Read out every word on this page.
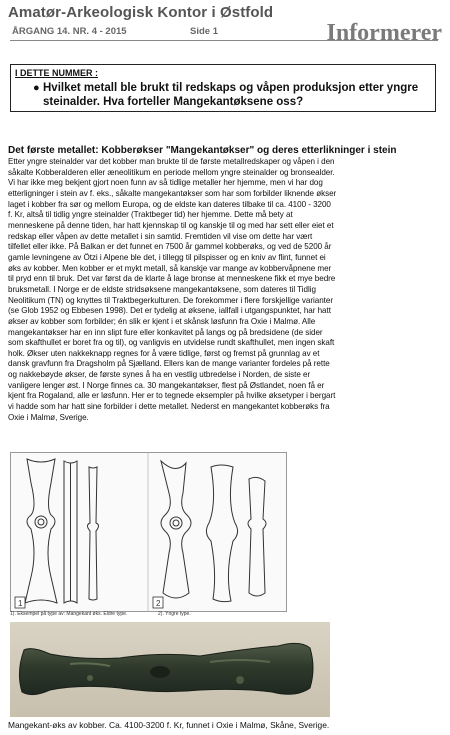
Amatør-Arkeologisk Kontor i Østfold
ÅRGANG 14. NR. 4 - 2015	Side 1	Informerer
I DETTE NUMMER :
● Hvilket metall ble brukt til redskaps og våpen produksjon etter yngre steinalder. Hva forteller Mangekantøksene oss?
Det første metallet: Kobberøkser "Mangekantøkser" og deres etterlikninger i stein
Etter yngre steinalder var det kobber man brukte til de første metallredskaper og våpen i den
såkalte Kobberalderen eller æneolitikum en periode mellom yngre steinalder og bronsealder.
Vi har ikke meg bekjent gjort noen funn av så tidlige metaller her hjemme, men vi har dog
etterligninger i stein av f. eks., såkalte mangekantøkser som har som forbilder liknende økser
laget i kobber fra sør og mellom Europa, og de eldste kan dateres tilbake til ca. 4100 - 3200
f. Kr, altså til tidlig yngre steinalder (Traktbeger tid) her hjemme. Dette må bety at
menneskene på denne tiden, har hatt kjennskap til og kanskje til og med har sett eller eiet et
redskap eller våpen av dette metallet i sin samtid. Fremtiden vil vise om dette har vært
tilfellet eller ikke. På Balkan er det funnet en 7500 år gammel kobberøks, og ved de 5200 år
gamle levningene av Ötzi i Alpene ble det, i tillegg til pilspisser og en kniv av flint, funnet ei
øks av kobber. Men kobber er et mykt metall, så kanskje var mange av kobbervåpnene mer
til pryd enn til bruk. Det var først da de klarte å lage bronse at menneskene fikk et mye bedre
bruksmetall. I Norge er de eldste stridsøksene mangekantøksene, som dateres til Tidlig
Neolitikum (TN) og knyttes til Traktbegerkulturen. De forekommer i flere forskjellige varianter
(se Glob 1952 og Ebbesen 1998). Det er tydelig at øksene, iallfall i utgangspunktet, har hatt
økser av kobber som forbilder; én slik er kjent i et skånsk løsfunn fra Oxie i Malmø. Alle
mangekantøkser har en inn slipt fure eller konkavitet på langs og på bredsidene (de sider
som skafthullet er boret fra og til), og vanligvis en utvidelse rundt skafthullet, men ingen skaft
holk. Økser uten nakkeknapp regnes for å være tidlige, først og fremst på grunnlag av et
dansk gravfunn fra Dragsholm på Sjælland. Ellers kan de mange varianter fordeles på rette
og nakkebøyde økser, de første synes å ha en vestlig utbredelse i Norden, de siste er
vanligere lenger øst. I Norge finnes ca. 30 mangekantøkser, flest på Østlandet, noen få er
kjent fra Rogaland, alle er løsfunn. Her er to tegnede eksempler på hvilke øksetyper i bergart
vi hadde som har hatt sine forbilder i dette metallet. Nederst en mangekantet kobberøks fra
Oxie i Malmø, Sverige.
1	2
1). Eksempel på type av: Mangekant øks. Eldre type.	2). Yngre type.
Mangekant-øks av kobber. Ca. 4100-3200 f. Kr, funnet i Oxie i Malmø, Skåne, Sverige.
